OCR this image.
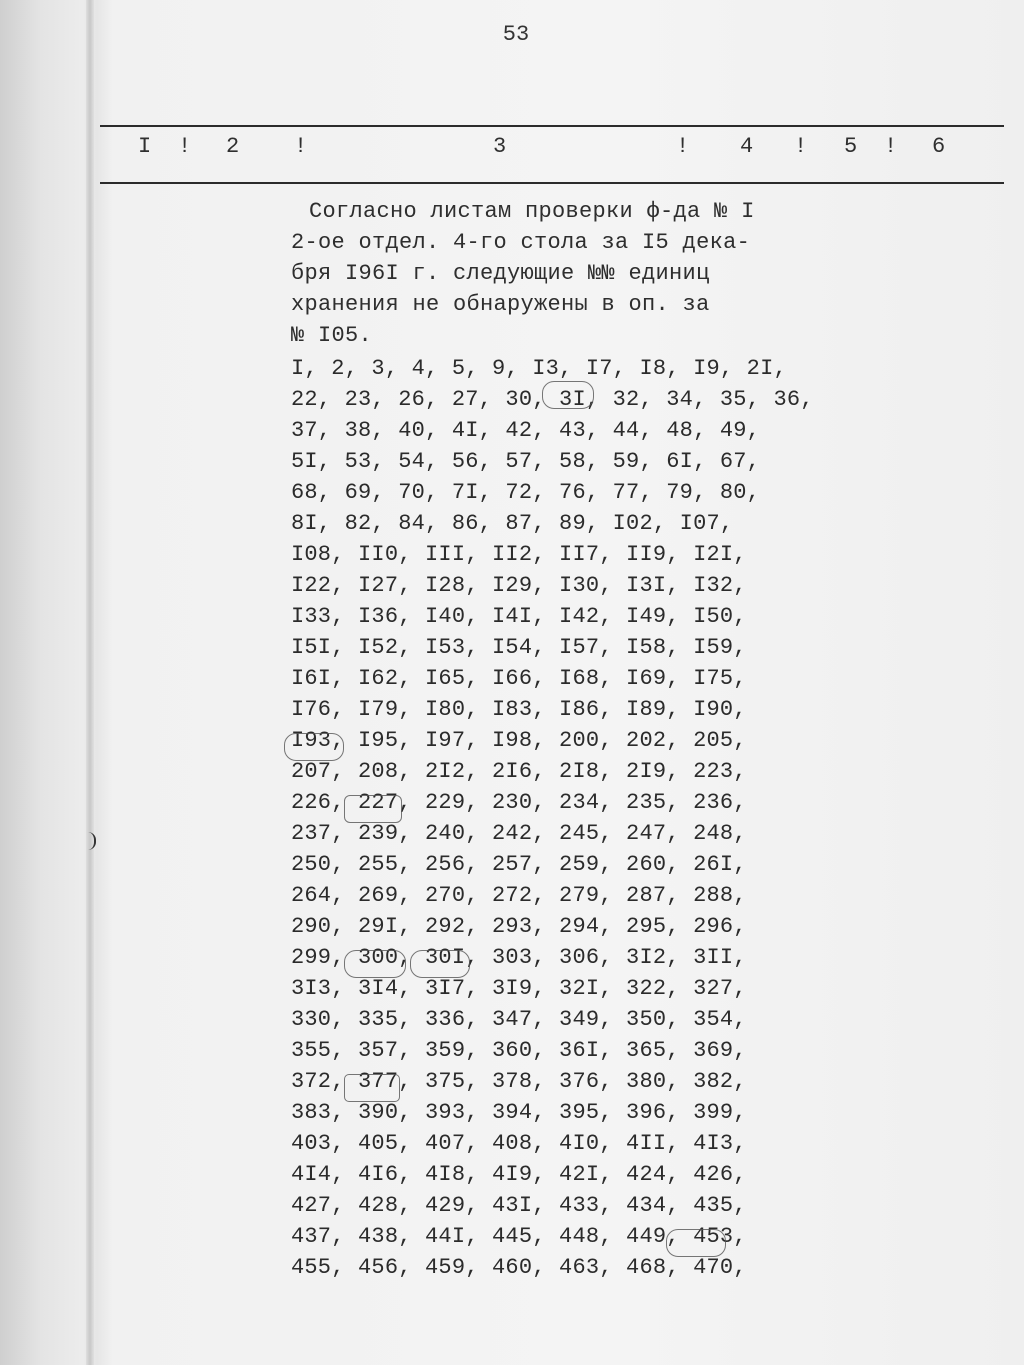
53
I ! 2 !	3	! 4 ! 5 ! 6
Согласно листам проверки ф-да № I
2-ое отдел. 4-го стола за I5 дека-
бря I96I г. следующие №№ единиц
хранения не обнаружены в оп. за
№ I05.
I, 2, 3, 4, 5, 9, I3, I7, I8, I9, 2I,
22, 23, 26, 27, 30, 3I, 32, 34, 35, 36,
37, 38, 40, 4I, 42, 43, 44, 48, 49,
5I, 53, 54, 56, 57, 58, 59, 6I, 67,
68, 69, 70, 7I, 72, 76, 77, 79, 80,
8I, 82, 84, 86, 87, 89, I02, I07,
I08, II0, III, II2, II7, II9, I2I,
I22, I27, I28, I29, I30, I3I, I32,
I33, I36, I40, I4I, I42, I49, I50,
I5I, I52, I53, I54, I57, I58, I59,
I6I, I62, I65, I66, I68, I69, I75,
I76, I79, I80, I83, I86, I89, I90,
I93, I95, I97, I98, 200, 202, 205,
207, 208, 2I2, 2I6, 2I8, 2I9, 223,
226, 227, 229, 230, 234, 235, 236,
237, 239, 240, 242, 245, 247, 248,
250, 255, 256, 257, 259, 260, 26I,
264, 269, 270, 272, 279, 287, 288,
290, 29I, 292, 293, 294, 295, 296,
299, 300, 30I, 303, 306, 3I2, 3II,
3I3, 3I4, 3I7, 3I9, 32I, 322, 327,
330, 335, 336, 347, 349, 350, 354,
355, 357, 359, 360, 36I, 365, 369,
372, 377, 375, 378, 376, 380, 382,
383, 390, 393, 394, 395, 396, 399,
403, 405, 407, 408, 4I0, 4II, 4I3,
4I4, 4I6, 4I8, 4I9, 42I, 424, 426,
427, 428, 429, 43I, 433, 434, 435,
437, 438, 44I, 445, 448, 449, 453,
455, 456, 459, 460, 463, 468, 470,
